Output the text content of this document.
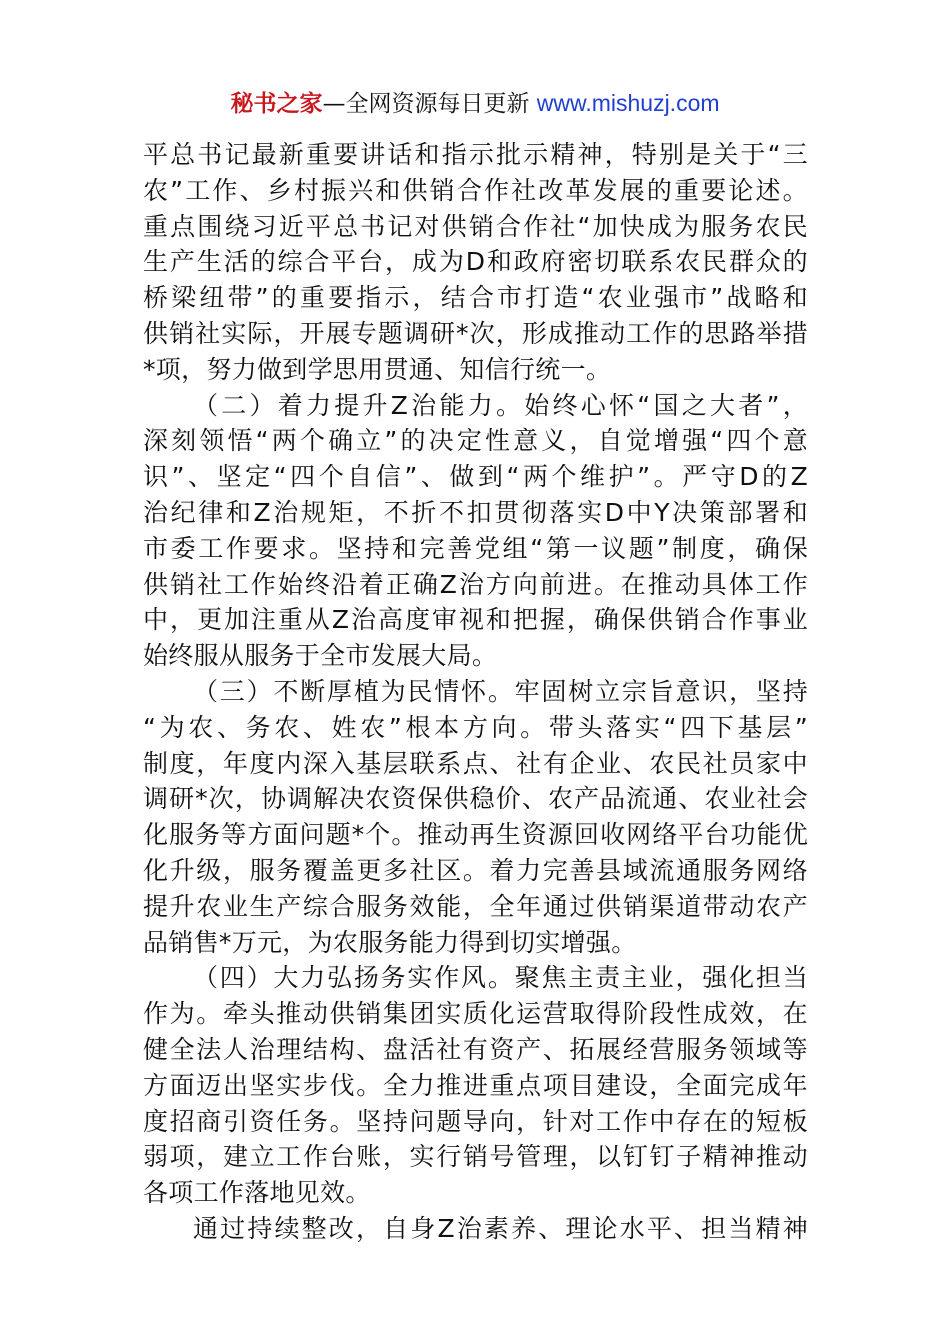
秘书之家—全网资源每日更新 www.mishuzj.com
平总书记最新重要讲话和指示批示精神，特别是关于“三
农”工作、乡村振兴和供销合作社改革发展的重要论述。
重点围绕习近平总书记对供销合作社“加快成为服务农民
生产生活的综合平台，成为D和政府密切联系农民群众的
桥梁纽带”的重要指示，结合市打造“农业强市”战略和
供销社实际，开展专题调研*次，形成推动工作的思路举措
*项，努力做到学思用贯通、知信行统一。
（二）着力提升Z治能力。始终心怀“国之大者”，
深刻领悟“两个确立”的决定性意义，自觉增强“四个意
识”、坚定“四个自信”、做到“两个维护”。严守D的Z
治纪律和Z治规矩，不折不扣贯彻落实D中Y决策部署和
市委工作要求。坚持和完善党组“第一议题”制度，确保
供销社工作始终沿着正确Z治方向前进。在推动具体工作
中，更加注重从Z治高度审视和把握，确保供销合作事业
始终服从服务于全市发展大局。
（三）不断厚植为民情怀。牢固树立宗旨意识，坚持
“为农、务农、姓农”根本方向。带头落实“四下基层”
制度，年度内深入基层联系点、社有企业、农民社员家中
调研*次，协调解决农资保供稳价、农产品流通、农业社会
化服务等方面问题*个。推动再生资源回收网络平台功能优
化升级，服务覆盖更多社区。着力完善县域流通服务网络
提升农业生产综合服务效能，全年通过供销渠道带动农产
品销售*万元，为农服务能力得到切实增强。
（四）大力弘扬务实作风。聚焦主责主业，强化担当
作为。牵头推动供销集团实质化运营取得阶段性成效，在
健全法人治理结构、盘活社有资产、拓展经营服务领域等
方面迈出坚实步伐。全力推进重点项目建设，全面完成年
度招商引资任务。坚持问题导向，针对工作中存在的短板
弱项，建立工作台账，实行销号管理，以钉钉子精神推动
各项工作落地见效。
通过持续整改，自身Z治素养、理论水平、担当精神
